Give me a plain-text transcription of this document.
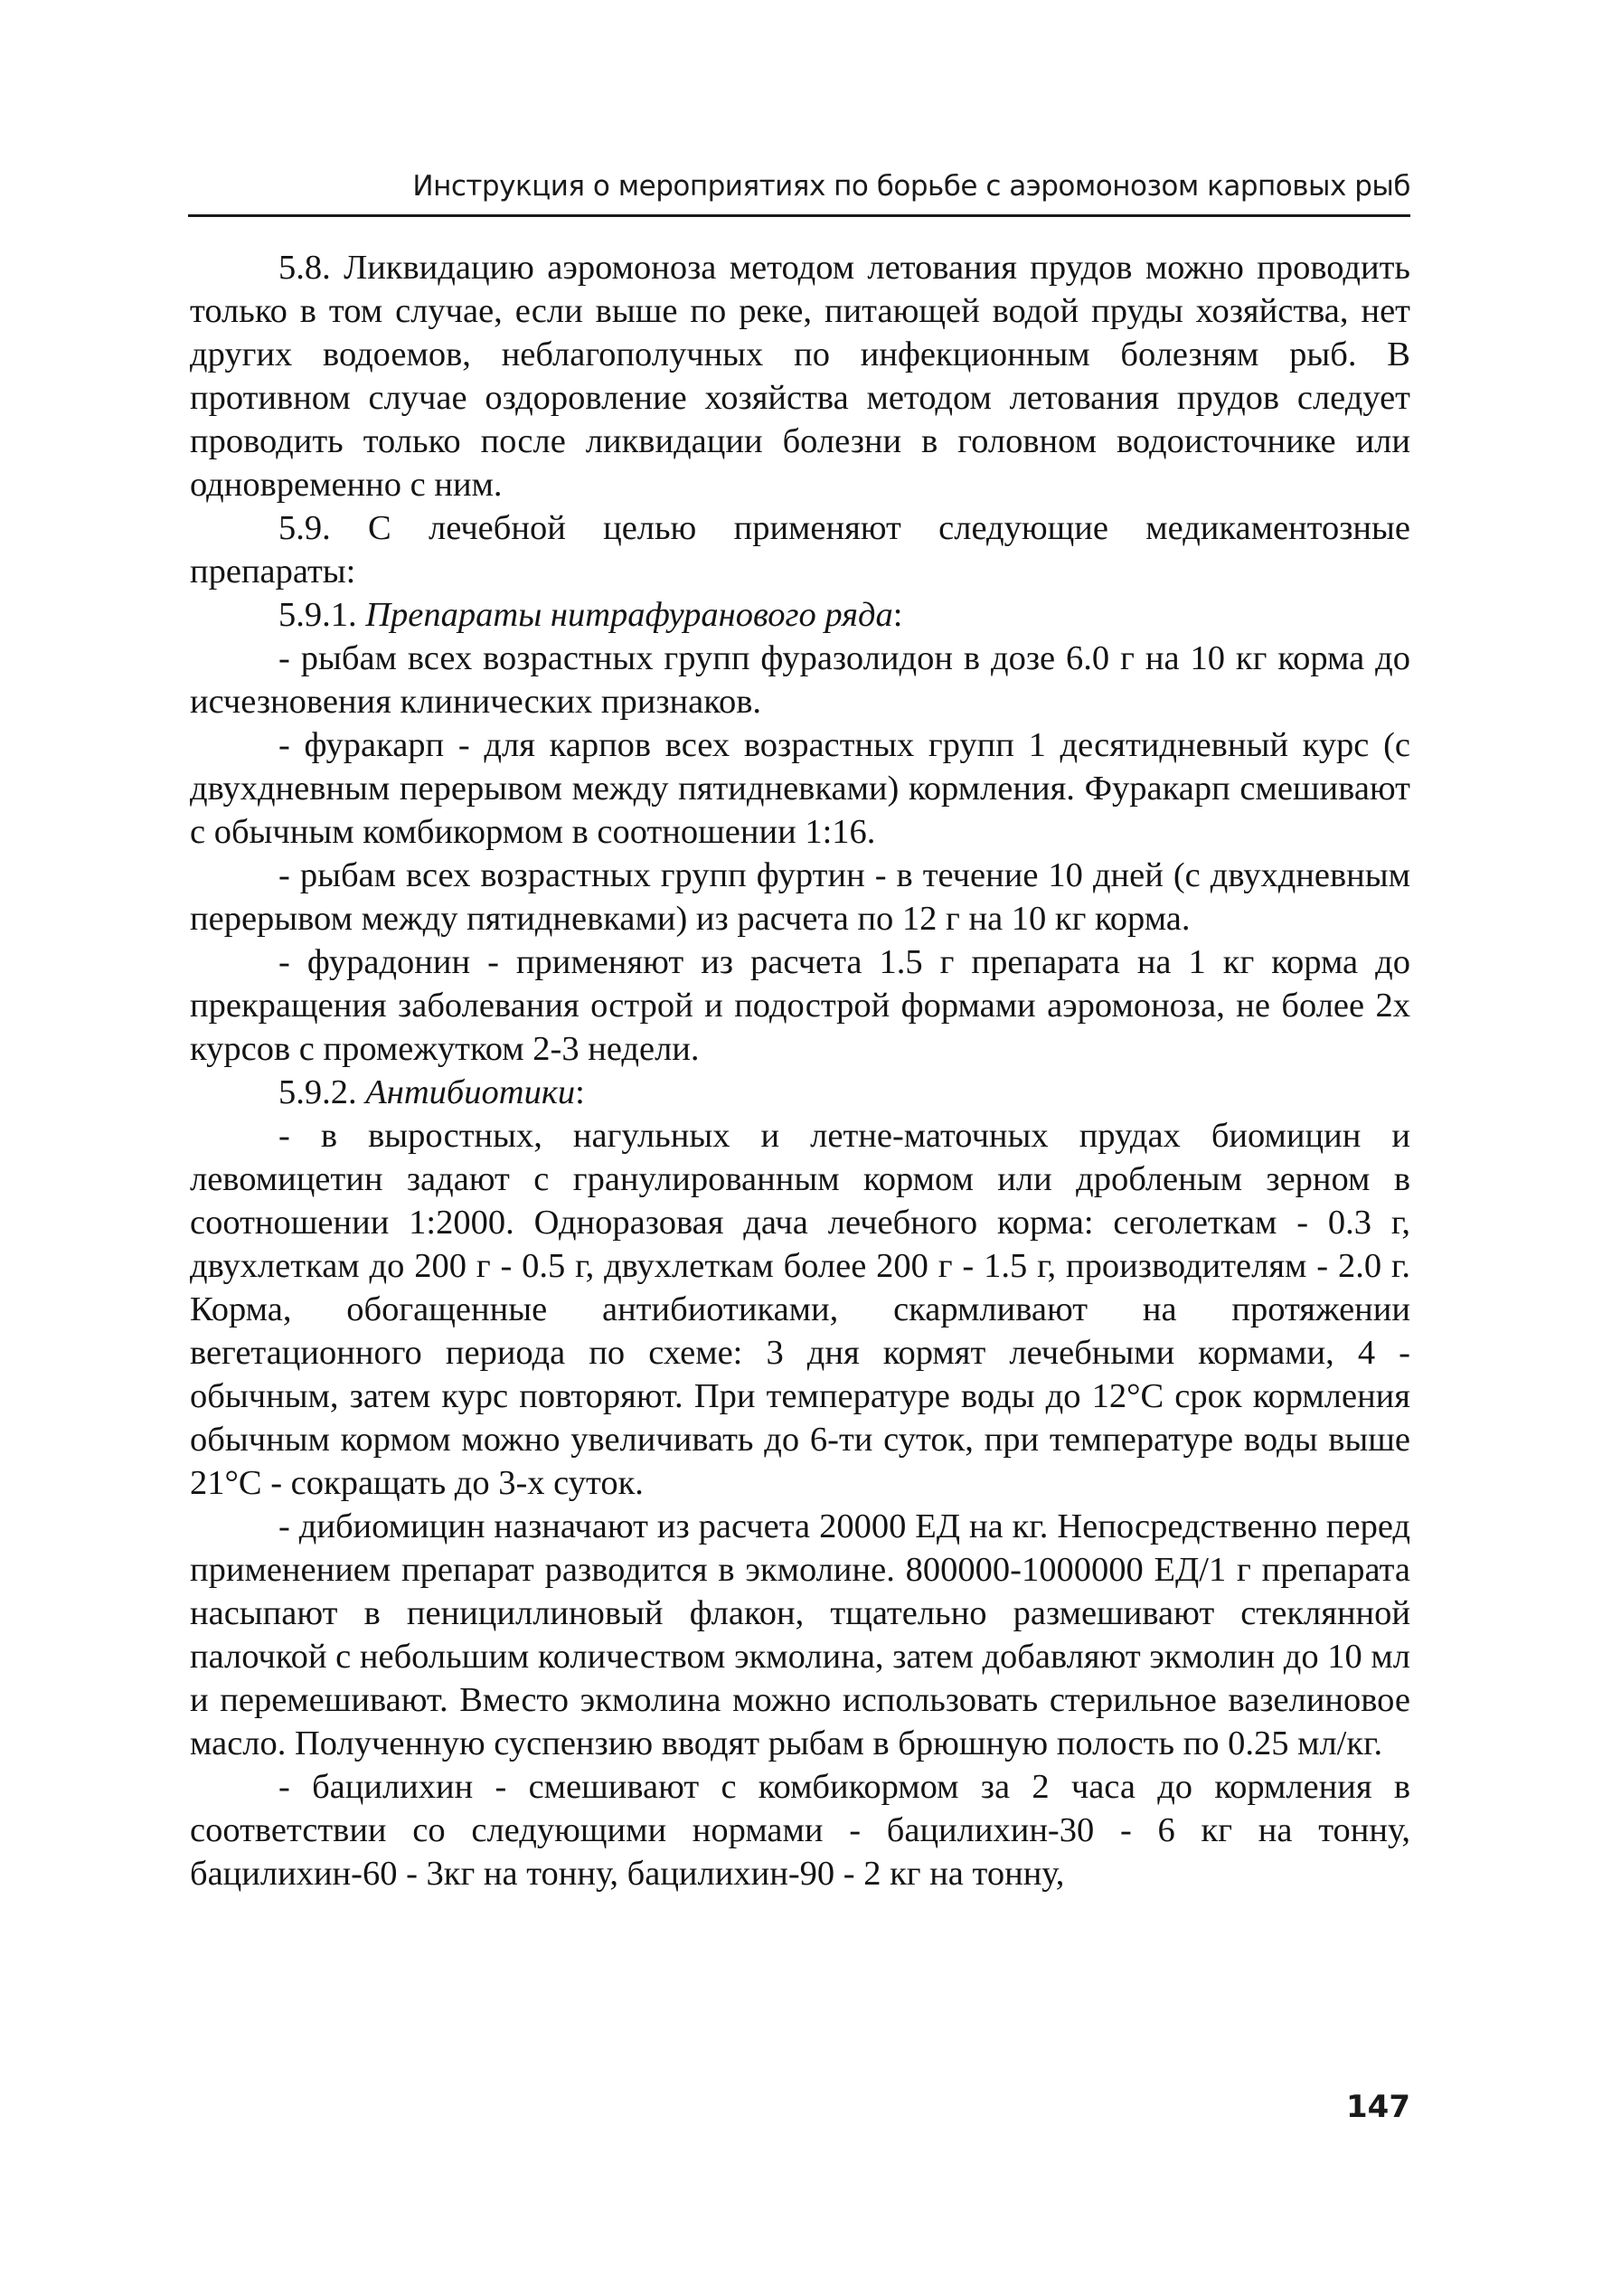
Инструкция о мероприятиях по борьбе с аэромонозом карповых рыб

5.8. Ликвидацию аэромоноза методом летования прудов можно проводить только в том случае, если выше по реке, питающей водой пруды хозяйства, нет других водоемов, неблагополучных по инфекционным болезням рыб. В противном случае оздоровление хозяйства методом летования прудов следует проводить только после ликвидации болезни в головном водоисточнике или одновременно с ним.

5.9. С лечебной целью применяют следующие медикаментозные препараты:

5.9.1. Препараты нитрафуранового ряда:

- рыбам всех возрастных групп фуразолидон в дозе 6.0 г на 10 кг корма до исчезновения клинических признаков.

- фуракарп - для карпов всех возрастных групп 1 десятидневный курс (с двухдневным перерывом между пятидневками) кормления. Фуракарп смешивают с обычным комбикормом в соотношении 1:16.

- рыбам всех возрастных групп фуртин - в течение 10 дней (с двухдневным перерывом между пятидневками) из расчета по 12 г на 10 кг корма.

- фурадонин - применяют из расчета 1.5 г препарата на 1 кг корма до прекращения заболевания острой и подострой формами аэромоноза, не более 2х курсов с промежутком 2-3 недели.

5.9.2. Антибиотики:

- в выростных, нагульных и летне-маточных прудах биомицин и левомицетин задают с гранулированным кормом или дробленым зерном в соотношении 1:2000. Одноразовая дача лечебного корма: сеголеткам - 0.3 г, двухлеткам до 200 г - 0.5 г, двухлеткам более 200 г - 1.5 г, производителям - 2.0 г. Корма, обогащенные антибиотиками, скармливают на протяжении вегетационного периода по схеме: 3 дня кормят лечебными кормами, 4 - обычным, затем курс повторяют. При температуре воды до 12°С срок кормления обычным кормом можно увеличивать до 6-ти суток, при температуре воды выше 21°С - сокращать до 3-х суток.

- дибиомицин назначают из расчета 20000 ЕД на кг. Непосредственно перед применением препарат разводится в экмолине. 800000-1000000 ЕД/1 г препарата насыпают в пенициллиновый флакон, тщательно размешивают стеклянной палочкой с небольшим количеством экмолина, затем добавляют экмолин до 10 мл и перемешивают. Вместо экмолина можно использовать стерильное вазелиновое масло. Полученную суспензию вводят рыбам в брюшную полость по 0.25 мл/кг.

- бацилихин - смешивают с комбикормом за 2 часа до кормления в соответствии со следующими нормами - бацилихин-30 - 6 кг на тонну, бацилихин-60 - 3кг на тонну, бацилихин-90 - 2 кг на тонну,

147
